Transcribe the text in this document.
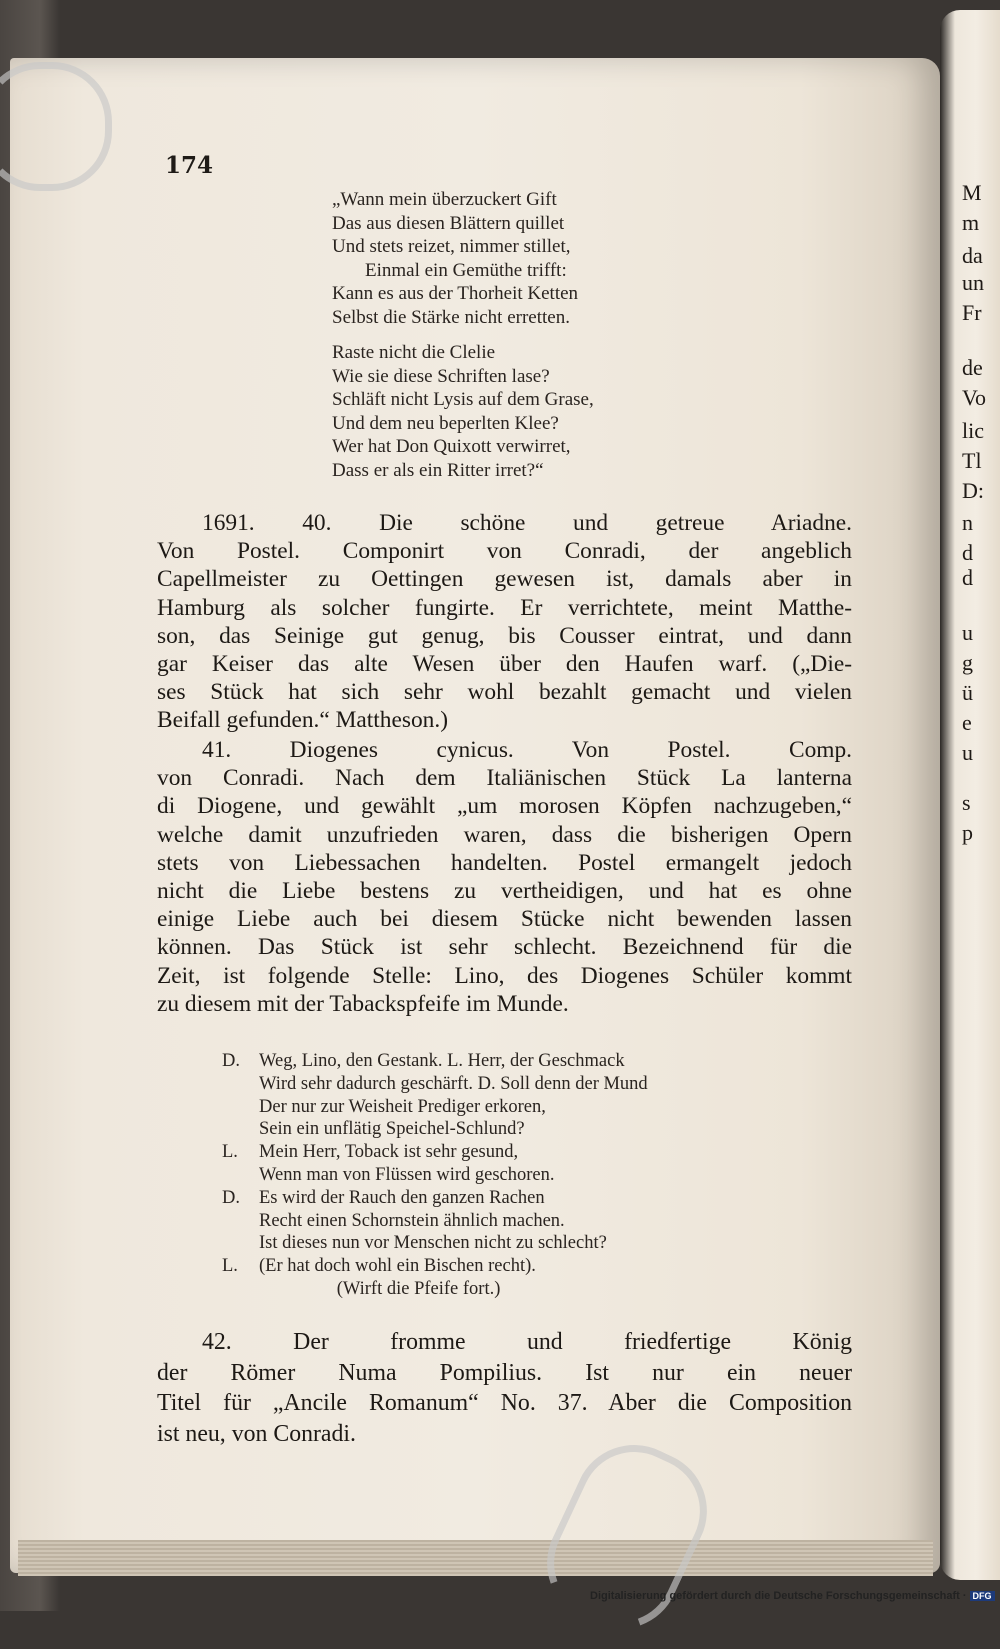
M
m
da
un
Fr
de
Vo
lic
Tl
D:
n
d
d
u
g
ü
e
u
s
p
174
„Wann mein überzuckert Gift
Das aus diesen Blättern quillet
Und stets reizet, nimmer stillet,
Einmal ein Gemüthe trifft:
Kann es aus der Thorheit Ketten
Selbst die Stärke nicht erretten.
Raste nicht die Clelie
Wie sie diese Schriften lase?
Schläft nicht Lysis auf dem Grase,
Und dem neu beperlten Klee?
Wer hat Don Quixott verwirret,
Dass er als ein Ritter irret?“
1691. 40. Die schöne und getreue Ariadne.
Von Postel. Componirt von Conradi, der angeblich
Capellmeister zu Oettingen gewesen ist, damals aber in
Hamburg als solcher fungirte. Er verrichtete, meint Matthe-
son, das Seinige gut genug, bis Cousser eintrat, und dann
gar Keiser das alte Wesen über den Haufen warf. („Die-
ses Stück hat sich sehr wohl bezahlt gemacht und vielen
Beifall gefunden.“ Mattheson.)
41. Diogenes cynicus. Von Postel. Comp.
von Conradi. Nach dem Italiänischen Stück La lanterna
di Diogene, und gewählt „um morosen Köpfen nachzugeben,“
welche damit unzufrieden waren, dass die bisherigen Opern
stets von Liebessachen handelten. Postel ermangelt jedoch
nicht die Liebe bestens zu vertheidigen, und hat es ohne
einige Liebe auch bei diesem Stücke nicht bewenden lassen
können. Das Stück ist sehr schlecht. Bezeichnend für die
Zeit, ist folgende Stelle: Lino, des Diogenes Schüler kommt
zu diesem mit der Tabackspfeife im Munde.
D.	Weg, Lino, den Gestank. L. Herr, der Geschmack
Wird sehr dadurch geschärft. D. Soll denn der Mund
Der nur zur Weisheit Prediger erkoren,
Sein ein unflätig Speichel-Schlund?
L.	Mein Herr, Toback ist sehr gesund,
Wenn man von Flüssen wird geschoren.
D.	Es wird der Rauch den ganzen Rachen
Recht einen Schornstein ähnlich machen.
Ist dieses nun vor Menschen nicht zu schlecht?
L.	(Er hat doch wohl ein Bischen recht).
(Wirft die Pfeife fort.)
42. Der fromme und friedfertige König
der Römer Numa Pompilius. Ist nur ein neuer
Titel für „Ancile Romanum“ No. 37. Aber die Composition
ist neu, von Conradi.
Digitalisierung gefördert durch die Deutsche Forschungsgemeinschaft · DFG
